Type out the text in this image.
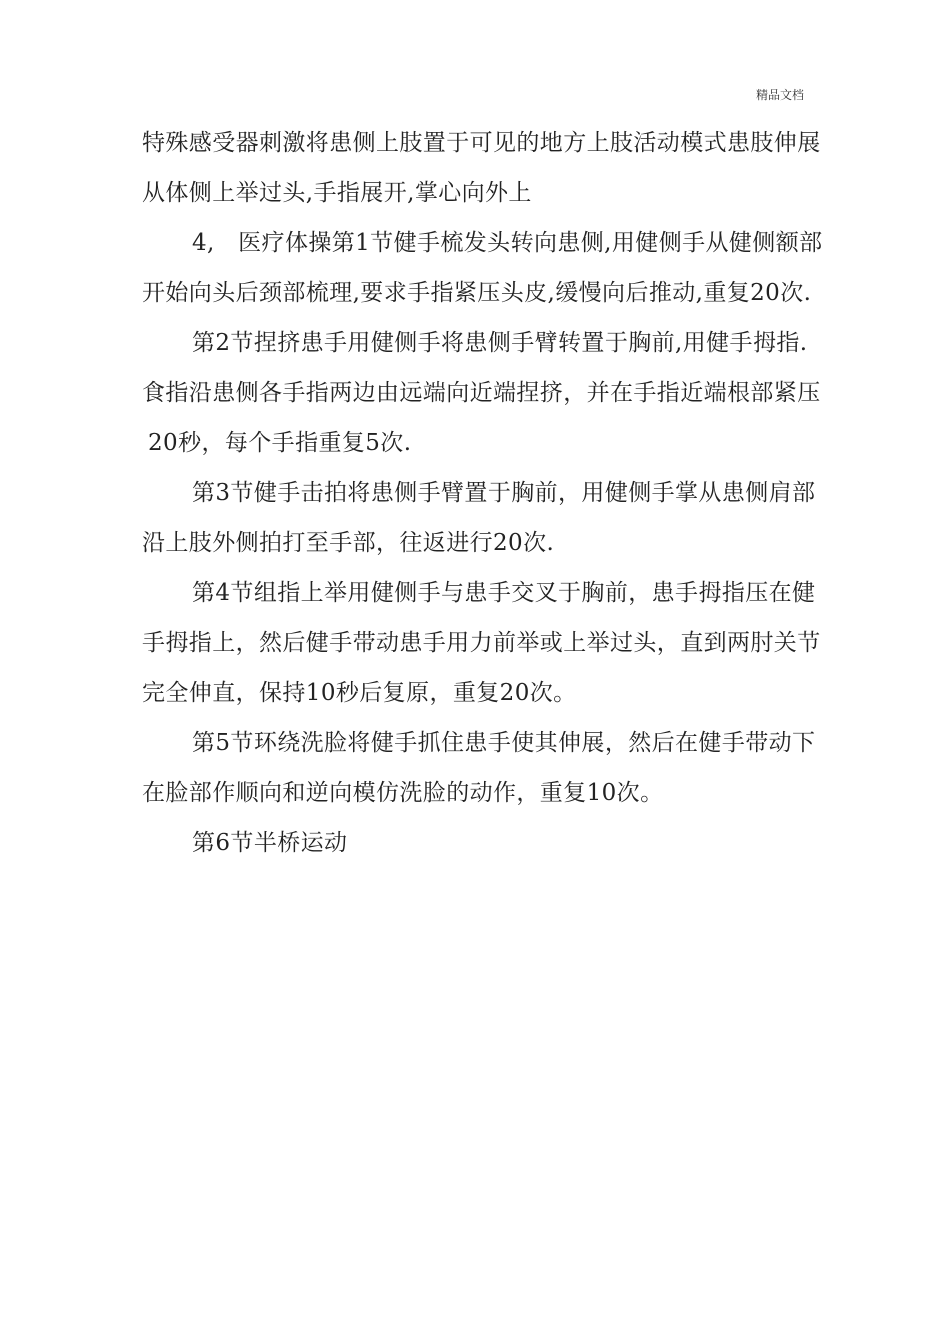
精品文档

特殊感受器刺激将患侧上肢置于可见的地方上肢活动模式患肢伸展从体侧上举过头,手指展开,掌心向外上

4,　医疗体操第1节健手梳发头转向患侧,用健侧手从健侧额部开始向头后颈部梳理,要求手指紧压头皮,缓慢向后推动,重复20次.

第2节捏挤患手用健侧手将患侧手臂转置于胸前,用健手拇指. 食指沿患侧各手指两边由远端向近端捏挤，并在手指近端根部紧压

20秒，每个手指重复5次.

第3节健手击拍将患侧手臂置于胸前，用健侧手掌从患侧肩部沿上肢外侧拍打至手部，往返进行20次.

第4节组指上举用健侧手与患手交叉于胸前，患手拇指压在健手拇指上，然后健手带动患手用力前举或上举过头，直到两肘关节完全伸直，保持10秒后复原，重复20次。

第5节环绕洗脸将健手抓住患手使其伸展，然后在健手带动下在脸部作顺向和逆向模仿洗脸的动作，重复10次。

第6节半桥运动
